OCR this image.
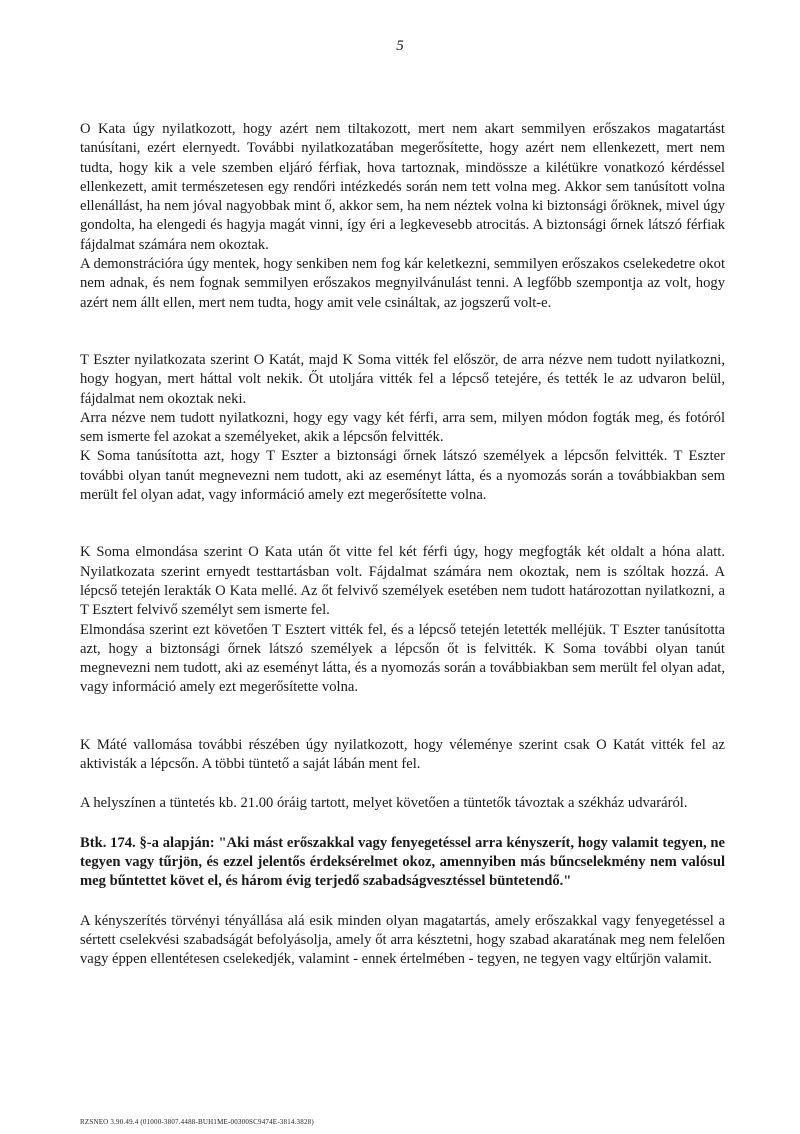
5

O Kata úgy nyilatkozott, hogy azért nem tiltakozott, mert nem akart semmilyen erőszakos magatartást tanúsítani, ezért elernyedt. További nyilatkozatában megerősítette, hogy azért nem ellenkezett, mert nem tudta, hogy kik a vele szemben eljáró férfiak, hova tartoznak, mindössze a kilétükre vonatkozó kérdéssel ellenkezett, amit természetesen egy rendőri intézkedés során nem tett volna meg. Akkor sem tanúsított volna ellenállást, ha nem jóval nagyobbak mint ő, akkor sem, ha nem néztek volna ki biztonsági őröknek, mivel úgy gondolta, ha elengedi és hagyja magát vinni, így éri a legkevesebb atrocitás. A biztonsági őrnek látszó férfiak fájdalmat számára nem okoztak.

A demonstrációra úgy mentek, hogy senkiben nem fog kár keletkezni, semmilyen erőszakos cselekedetre okot nem adnak, és nem fognak semmilyen erőszakos megnyilvánulást tenni. A legfőbb szempontja az volt, hogy azért nem állt ellen, mert nem tudta, hogy amit vele csináltak, az jogszerű volt-e.

T Eszter nyilatkozata szerint O Katát, majd K Soma vitték fel először, de arra nézve nem tudott nyilatkozni, hogy hogyan, mert háttal volt nekik. Őt utoljára vitték fel a lépcső tetejére, és tették le az udvaron belül, fájdalmat nem okoztak neki.

Arra nézve nem tudott nyilatkozni, hogy egy vagy két férfi, arra sem, milyen módon fogták meg, és fotóról sem ismerte fel azokat a személyeket, akik a lépcsőn felvitték.

K Soma tanúsította azt, hogy T Eszter a biztonsági őrnek látszó személyek a lépcsőn felvitték. T Eszter további olyan tanút megnevezni nem tudott, aki az eseményt látta, és a nyomozás során a továbbiakban sem merült fel olyan adat, vagy információ amely ezt megerősítette volna.

K Soma elmondása szerint O Kata után őt vitte fel két férfi úgy, hogy megfogták két oldalt a hóna alatt. Nyilatkozata szerint ernyedt testtartásban volt. Fájdalmat számára nem okoztak, nem is szóltak hozzá. A lépcső tetején lerakták O Kata mellé. Az őt felvivő személyek esetében nem tudott határozottan nyilatkozni, a T Esztert felvivő személyt sem ismerte fel.

Elmondása szerint ezt követően T Esztert vitték fel, és a lépcső tetején letették melléjük. T Eszter tanúsította azt, hogy a biztonsági őrnek látszó személyek a lépcsőn őt is felvitték. K Soma további olyan tanút megnevezni nem tudott, aki az eseményt látta, és a nyomozás során a továbbiakban sem merült fel olyan adat, vagy információ amely ezt megerősítette volna.

K Máté vallomása további részében úgy nyilatkozott, hogy véleménye szerint csak O Katát vitték fel az aktivisták a lépcsőn. A többi tüntető a saját lábán ment fel.

A helyszínen a tüntetés kb. 21.00 óráig tartott, melyet követően a tüntetők távoztak a székház udvaráról.

Btk. 174. §-a alapján: "Aki mást erőszakkal vagy fenyegetéssel arra kényszerít, hogy valamit tegyen, ne tegyen vagy tűrjön, és ezzel jelentős érdeksérelmet okoz, amennyiben más bűncselekmény nem valósul meg bűntettet követ el, és három évig terjedő szabadságvesztéssel büntetendő."

A kényszerítés törvényi tényállása alá esik minden olyan magatartás, amely erőszakkal vagy fenyegetéssel a sértett cselekvési szabadságát befolyásolja, amely őt arra késztetni, hogy szabad akaratának meg nem felelően vagy éppen ellentétesen cselekedjék, valamint - ennek értelmében - tegyen, ne tegyen vagy eltűrjön valamit.

RZSNEO 3.90.49.4 (01000-3807.4488-BUH1ME-00300SC9474E-3814.3828)
